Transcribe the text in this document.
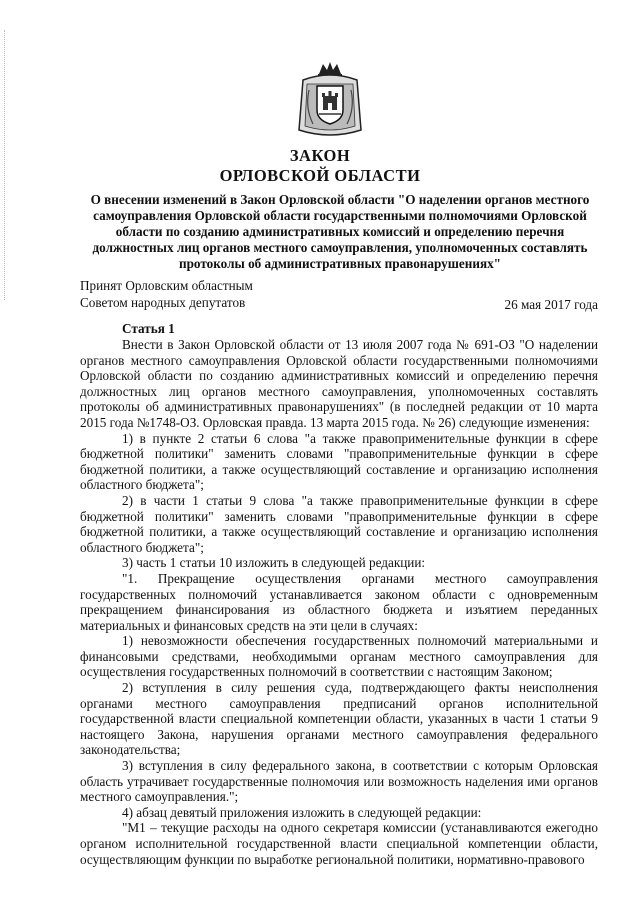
ЗАКОН
ОРЛОВСКОЙ ОБЛАСТИ
О внесении изменений в Закон Орловской области "О наделении органов местного самоуправления Орловской области государственными полномочиями Орловской области по созданию административных комиссий и определению перечня должностных лиц органов местного самоуправления, уполномоченных составлять протоколы об административных правонарушениях"
Принят Орловским областным
Советом народных депутатов	26 мая 2017 года
Статья 1

Внести в Закон Орловской области от 13 июля 2007 года № 691-ОЗ "О наделении органов местного самоуправления Орловской области государственными полномочиями Орловской области по созданию административных комиссий и определению перечня должностных лиц органов местного самоуправления, уполномоченных составлять протоколы об административных правонарушениях" (в последней редакции от 10 марта 2015 года №1748-ОЗ. Орловская правда. 13 марта 2015 года. № 26) следующие изменения:

1) в пункте 2 статьи 6 слова "а также правоприменительные функции в сфере бюджетной политики" заменить словами "правоприменительные функции в сфере бюджетной политики, а также осуществляющий составление и организацию исполнения областного бюджета";

2) в части 1 статьи 9 слова "а также правоприменительные функции в сфере бюджетной политики" заменить словами "правоприменительные функции в сфере бюджетной политики, а также осуществляющий составление и организацию исполнения областного бюджета";

3) часть 1 статьи 10 изложить в следующей редакции:

"1. Прекращение осуществления органами местного самоуправления государственных полномочий устанавливается законом области с одновременным прекращением финансирования из областного бюджета и изъятием переданных материальных и финансовых средств на эти цели в случаях:

1) невозможности обеспечения государственных полномочий материальными и финансовыми средствами, необходимыми органам местного самоуправления для осуществления государственных полномочий в соответствии с настоящим Законом;

2) вступления в силу решения суда, подтверждающего факты неисполнения органами местного самоуправления предписаний органов исполнительной государственной власти специальной компетенции области, указанных в части 1 статьи 9 настоящего Закона, нарушения органами местного самоуправления федерального законодательства;

3) вступления в силу федерального закона, в соответствии с которым Орловская область утрачивает государственные полномочия или возможность наделения ими органов местного самоуправления.";

4) абзац девятый приложения изложить в следующей редакции:

"М1 – текущие расходы на одного секретаря комиссии (устанавливаются ежегодно органом исполнительной государственной власти специальной компетенции области, осуществляющим функции по выработке региональной политики, нормативно-правового
